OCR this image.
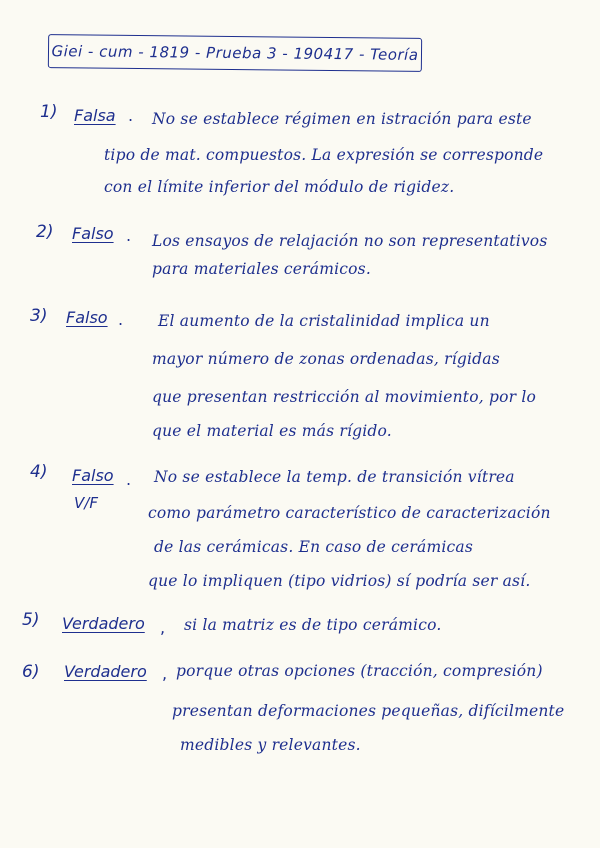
Giei - cum - 1819 - Prueba 3 - 190417 - Teoría
1) Falsa . No se establece régimen en istración para este
tipo de mat. compuestos. La expresión se corresponde
con el límite inferior del módulo de rigidez.
2) Falso . Los ensayos de relajación no son representativos
para materiales cerámicos.
3) Falso . El aumento de la cristalinidad implica un
mayor número de zonas ordenadas, rígidas
que presentan restricción al movimiento, por lo
que el material es más rígido.
4) Falso
V/F
. No se establece la temp. de transición vítrea
como parámetro característico de caracterización
de las cerámicas. En caso de cerámicas
que lo impliquen (tipo vidrios) sí podría ser así.
5) Verdadero , si la matriz es de tipo cerámico.
6) Verdadero , porque otras opciones (tracción, compresión)
presentan deformaciones pequeñas, difícilmente
medibles y relevantes.
